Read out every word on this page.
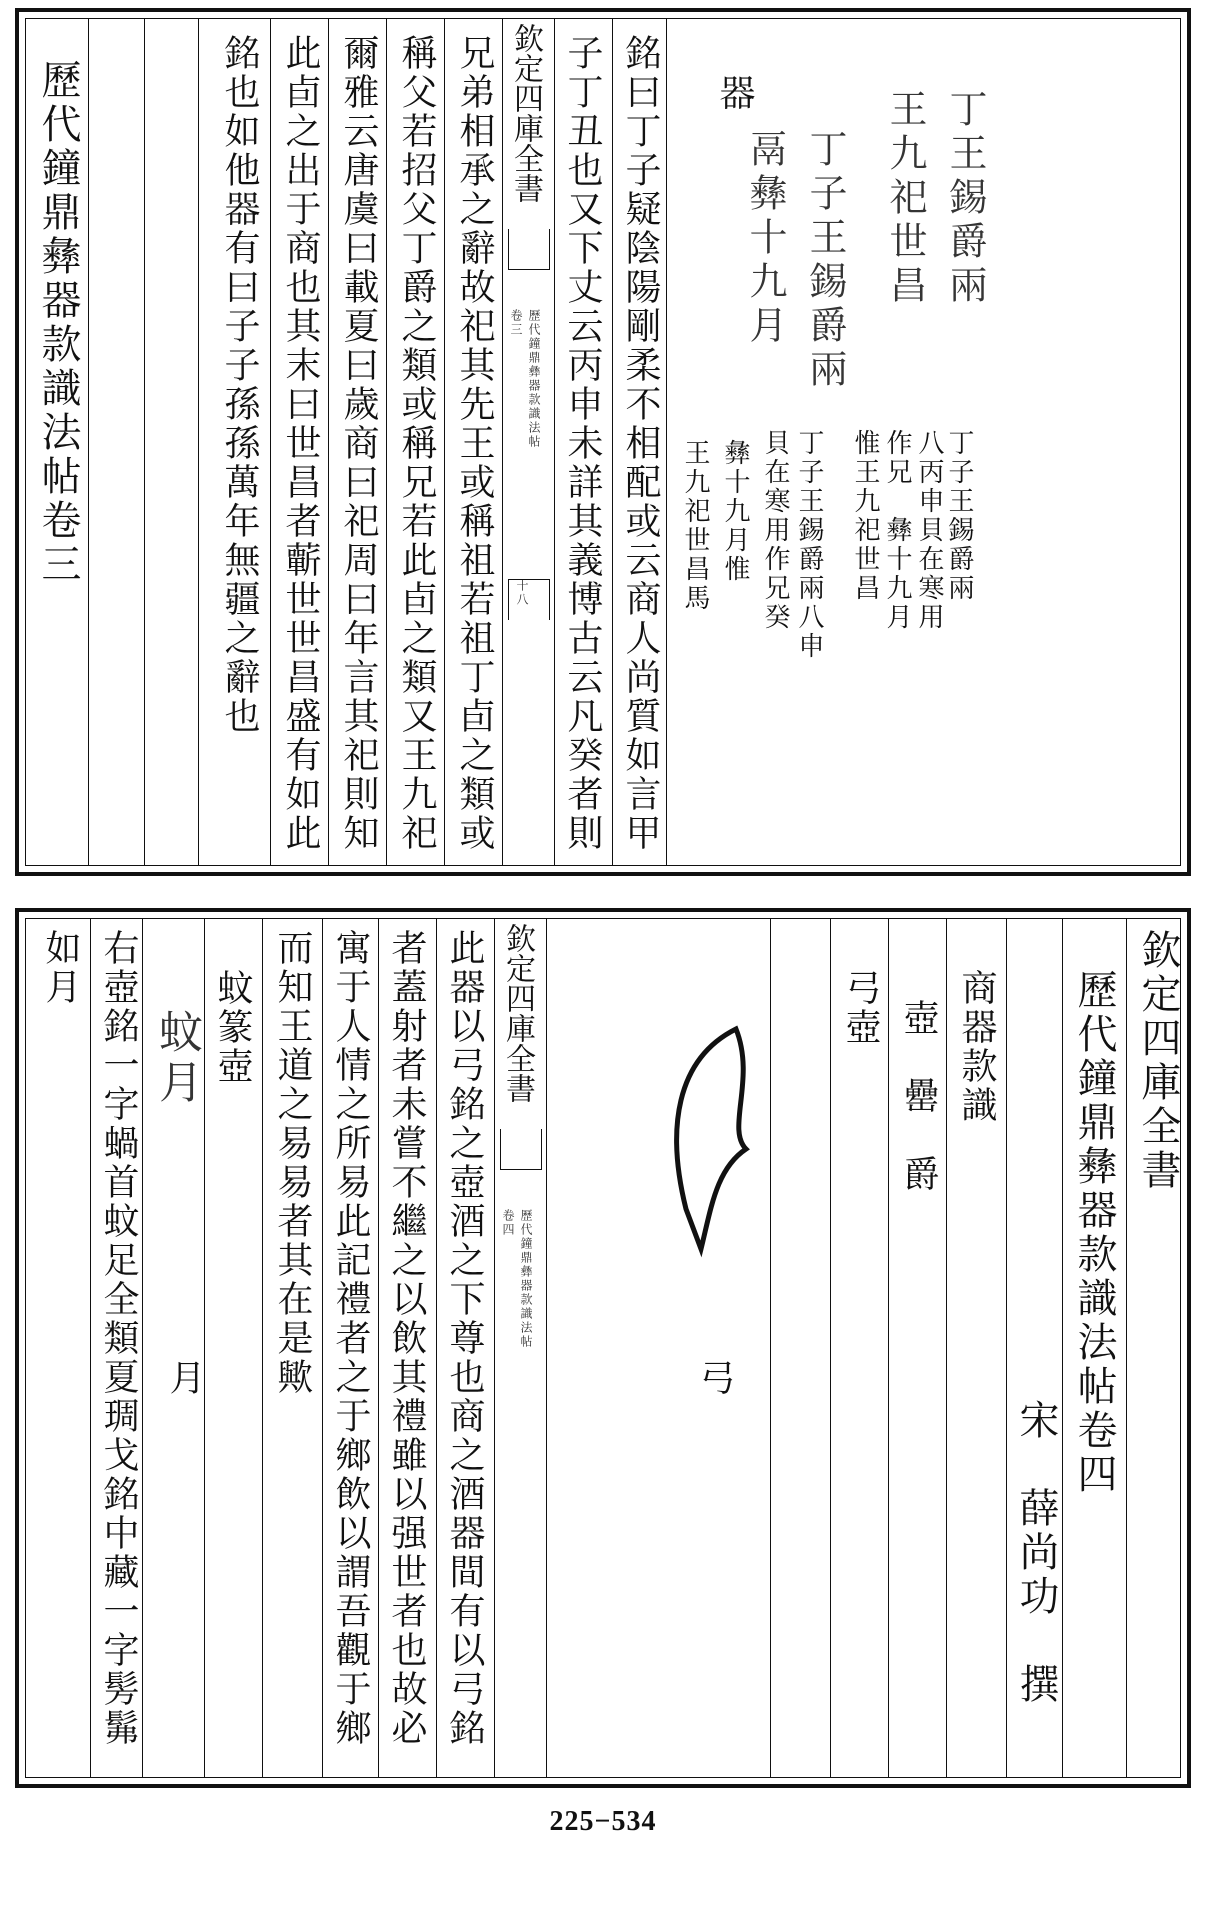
歷代鐘鼎彝器款識法帖卷三	銘也如他器有曰子子孫孫萬年無疆之辭也 此卣之出于商也其末曰世昌者蘄世世昌盛有如此 爾雅云唐虞曰載夏曰歲商曰祀周曰年言其祀則知 稱父若招父丁爵之類或稱兄若此卣之類又王九祀 兄弟相承之辭故祀其先王或稱祖若祖丁卣之類或 子丁丑也又下丈云丙申未詳其義博古云凡癸者則 銘曰丁子疑陰陽剛柔不相配或云商人尚質如言甲
欽定四庫全書
歷代鐘鼎彝器款識法帖
卷三
十八
器	丁王錫爵兩
王九祀世昌
丁子王錫爵兩
鬲彝十九月
丁子王錫爵兩
八丙申貝在寒用
作兄　彝十九月
惟王九祀世昌
丁子王錫爵兩八申
貝在寒用作兄癸
彝十九月惟
王九祀世昌馬
欽定四庫全書
歷代鐘鼎彝器款識法帖卷四
宋　薛尚功　撰
商器款識
壺　罍　爵
弓壺
弓
欽定四庫全書
歷代鐘鼎彝器款識法帖
卷四
此器以弓銘之壺酒之下尊也商之酒器間有以弓銘
者蓋射者未嘗不繼之以飲其禮雖以强世者也故必
寓于人情之所易此記禮者之于鄉飲以謂吾觀于鄉
而知王道之易易者其在是歟
蚊篆壺
蚊
月
月
右壺銘一字蝸首蚊足全類夏琱戈銘中藏一字髣髴
如月
225−534
